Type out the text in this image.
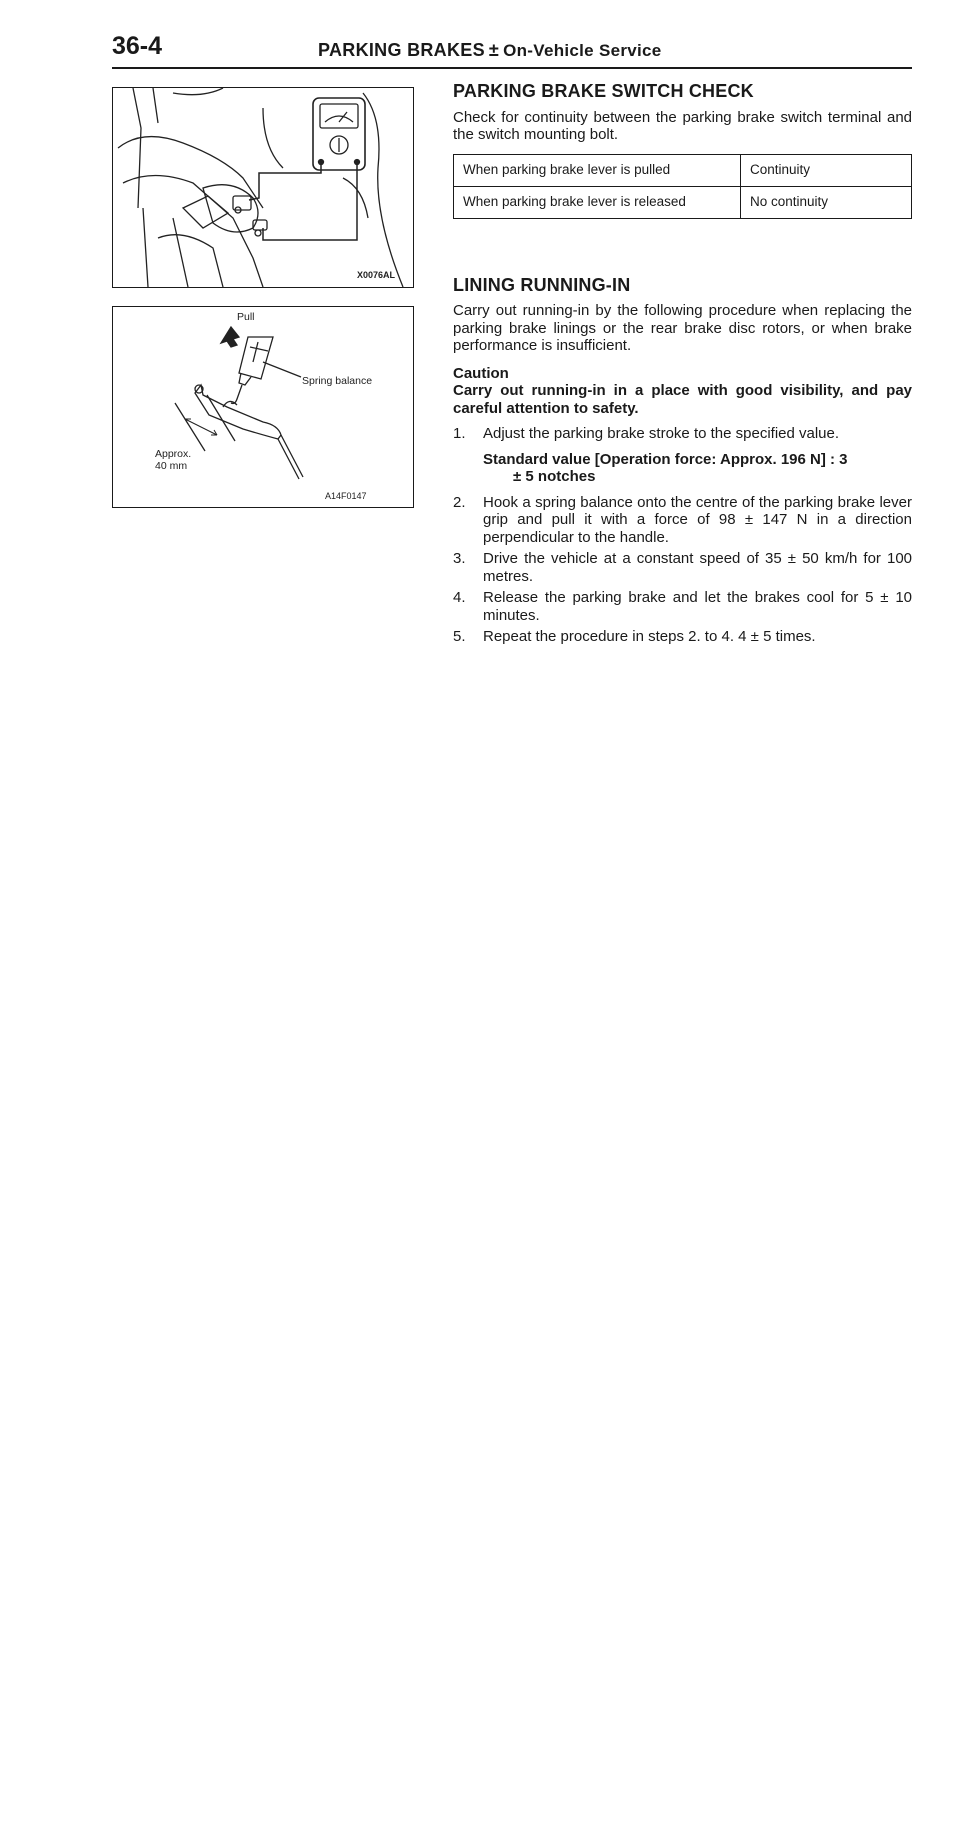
36-4	PARKING BRAKES ± On-Vehicle Service
X0076AL
Pull
Spring balance
Approx.
40 mm
A14F0147
PARKING BRAKE SWITCH CHECK

Check for continuity between the parking brake switch terminal and the switch mounting bolt.

When parking brake lever is pulled	Continuity
When parking brake lever is released	No continuity
LINING RUNNING-IN

Carry out running-in by the following procedure when replacing the parking brake linings or the rear brake disc rotors, or when brake performance is insufficient.

Caution

Carry out running-in in a place with good visibility, and pay careful attention to safety.

1.	Adjust the parking brake stroke to the specified value.
Standard value [Operation force: Approx. 196 N] : 3
± 5 notches
2.	Hook a spring balance onto the centre of the parking brake lever grip and pull it with a force of 98 ± 147 N in a direction perpendicular to the handle.
3.	Drive the vehicle at a constant speed of 35 ± 50 km/h for 100 metres.
4.	Release the parking brake and let the brakes cool for 5 ± 10 minutes.
5.	Repeat the procedure in steps 2. to 4. 4 ± 5 times.
